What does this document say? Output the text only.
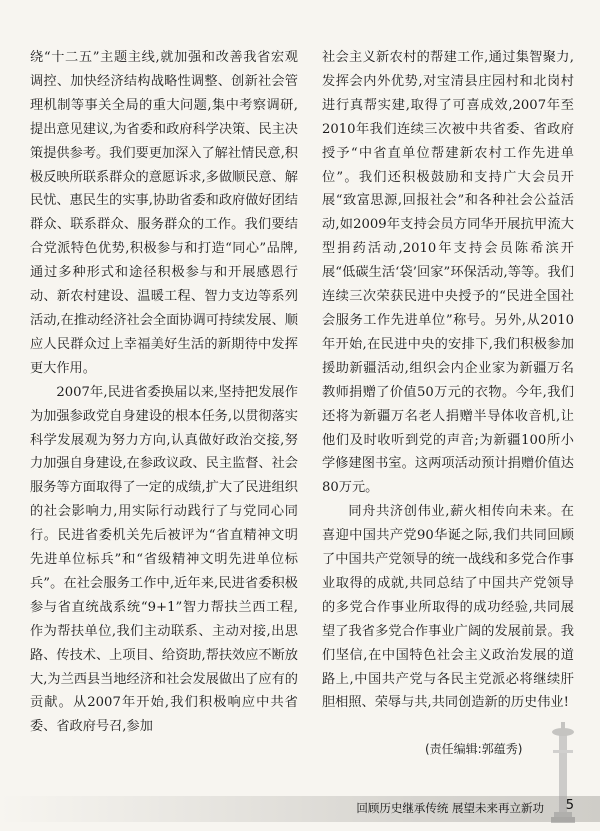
绕“十二五”主题主线,就加强和改善我省宏观调控、加快经济结构战略性调整、创新社会管理机制等事关全局的重大问题,集中考察调研,提出意见建议,为省委和政府科学决策、民主决策提供参考。我们要更加深入了解社情民意,积极反映所联系群众的意愿诉求,多做顺民意、解民忧、惠民生的实事,协助省委和政府做好团结群众、联系群众、服务群众的工作。我们要结合党派特色优势,积极参与和打造“同心”品牌,通过多种形式和途径积极参与和开展感恩行动、新农村建设、温暖工程、智力支边等系列活动,在推动经济社会全面协调可持续发展、顺应人民群众过上幸福美好生活的新期待中发挥更大作用。

2007年,民进省委换届以来,坚持把发展作为加强参政党自身建设的根本任务,以贯彻落实科学发展观为努力方向,认真做好政治交接,努力加强自身建设,在参政议政、民主监督、社会服务等方面取得了一定的成绩,扩大了民进组织的社会影响力,用实际行动践行了与党同心同行。民进省委机关先后被评为“省直精神文明先进单位标兵”和“省级精神文明先进单位标兵”。在社会服务工作中,近年来,民进省委积极参与省直统战系统“9+1”智力帮扶兰西工程,作为帮扶单位,我们主动联系、主动对接,出思路、传技术、上项目、给资助,帮扶效应不断放大,为兰西县当地经济和社会发展做出了应有的贡献。从2007年开始,我们积极响应中共省委、省政府号召,参加

社会主义新农村的帮建工作,通过集智聚力,发挥会内外优势,对宝清县庄园村和北岗村进行真帮实建,取得了可喜成效,2007年至2010年我们连续三次被中共省委、省政府授予“中省直单位帮建新农村工作先进单位”。我们还积极鼓励和支持广大会员开展“致富思源,回报社会”和各种社会公益活动,如2009年支持会员方同华开展抗甲流大型捐药活动,2010年支持会员陈希滨开展“低碳生活‘袋’回家”环保活动,等等。我们连续三次荣获民进中央授予的“民进全国社会服务工作先进单位”称号。另外,从2010年开始,在民进中央的安排下,我们积极参加援助新疆活动,组织会内企业家为新疆万名教师捐赠了价值50万元的衣物。今年,我们还将为新疆万名老人捐赠半导体收音机,让他们及时收听到党的声音;为新疆100所小学修建图书室。这两项活动预计捐赠价值达80万元。

同舟共济创伟业,薪火相传向未来。在喜迎中国共产党90华诞之际,我们共同回顾了中国共产党领导的统一战线和多党合作事业取得的成就,共同总结了中国共产党领导的多党合作事业所取得的成功经验,共同展望了我省多党合作事业广阔的发展前景。我们坚信,在中国特色社会主义政治发展的道路上,中国共产党与各民主党派必将继续肝胆相照、荣辱与共,共同创造新的历史伟业!

(责任编辑:郭蕴秀)
回顾历史继承传统 展望未来再立新功 5
